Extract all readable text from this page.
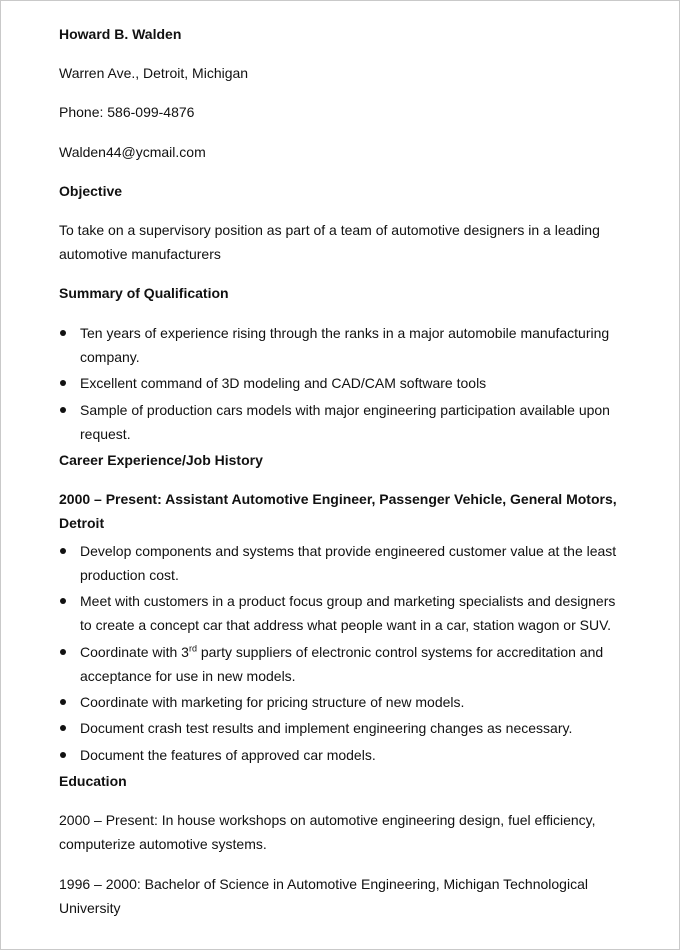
Howard B. Walden
Warren Ave., Detroit, Michigan
Phone: 586-099-4876
Walden44@ycmail.com
Objective
To take on a supervisory position as part of a team of automotive designers in a leading automotive manufacturers
Summary of Qualification
Ten years of experience rising through the ranks in a major automobile manufacturing company.
Excellent command of 3D modeling and CAD/CAM software tools
Sample of production cars models with major engineering participation available upon request.
Career Experience/Job History
2000 – Present: Assistant Automotive Engineer, Passenger Vehicle, General Motors, Detroit
Develop components and systems that provide engineered customer value at the least production cost.
Meet with customers in a product focus group and marketing specialists and designers to create a concept car that address what people want in a car, station wagon or SUV.
Coordinate with 3rd party suppliers of electronic control systems for accreditation and acceptance for use in new models.
Coordinate with marketing for pricing structure of new models.
Document crash test results and implement engineering changes as necessary.
Document the features of approved car models.
Education
2000 – Present: In house workshops on automotive engineering design, fuel efficiency, computerize automotive systems.
1996 – 2000: Bachelor of Science in Automotive Engineering, Michigan Technological University
